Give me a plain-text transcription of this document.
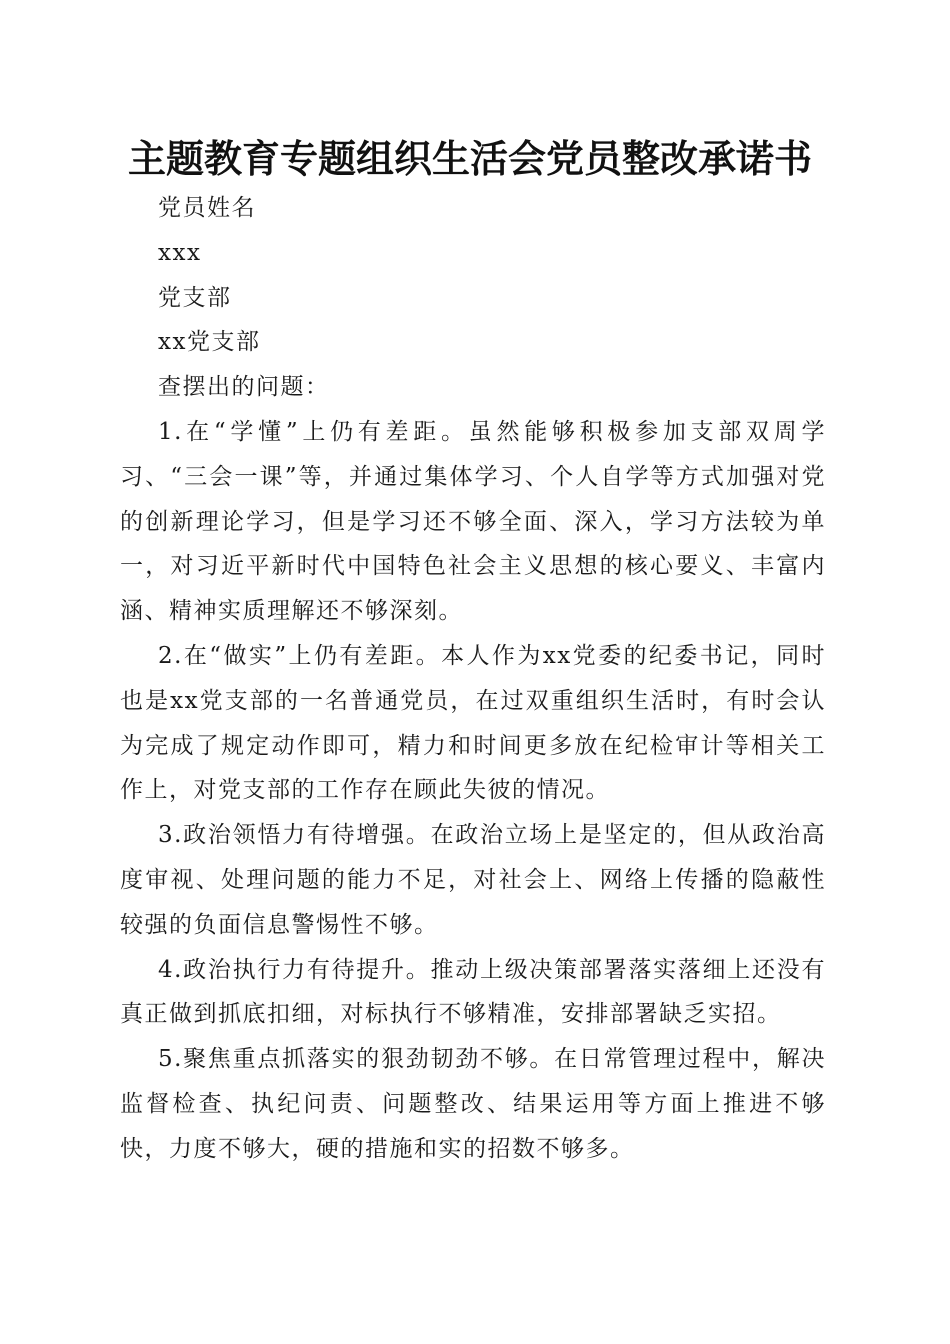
主题教育专题组织生活会党员整改承诺书

党员姓名

xxx

党支部

xx党支部

查摆出的问题：

1.在“学懂”上仍有差距。虽然能够积极参加支部双周学习、“三会一课”等，并通过集体学习、个人自学等方式加强对党的创新理论学习，但是学习还不够全面、深入，学习方法较为单一，对习近平新时代中国特色社会主义思想的核心要义、丰富内涵、精神实质理解还不够深刻。

2.在“做实”上仍有差距。本人作为xx党委的纪委书记，同时也是xx党支部的一名普通党员，在过双重组织生活时，有时会认为完成了规定动作即可，精力和时间更多放在纪检审计等相关工作上，对党支部的工作存在顾此失彼的情况。

3.政治领悟力有待增强。在政治立场上是坚定的，但从政治高度审视、处理问题的能力不足，对社会上、网络上传播的隐蔽性较强的负面信息警惕性不够。

4.政治执行力有待提升。推动上级决策部署落实落细上还没有真正做到抓底扣细，对标执行不够精准，安排部署缺乏实招。

5.聚焦重点抓落实的狠劲韧劲不够。在日常管理过程中，解决监督检查、执纪问责、问题整改、结果运用等方面上推进不够快，力度不够大，硬的措施和实的招数不够多。
